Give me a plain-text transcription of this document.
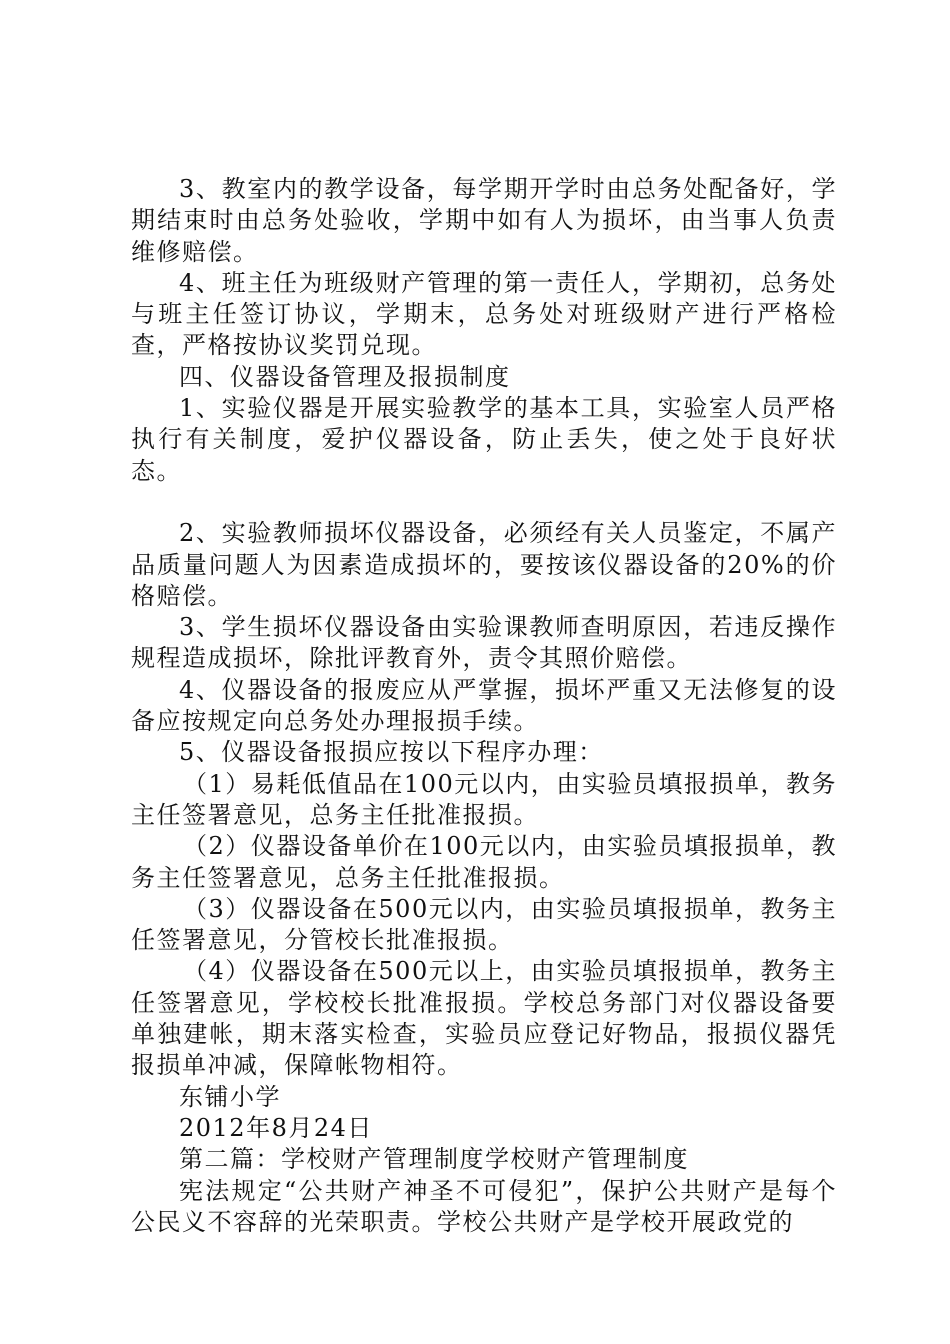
3、教室内的教学设备，每学期开学时由总务处配备好，学期结束时由总务处验收，学期中如有人为损坏，由当事人负责维修赔偿。

4、班主任为班级财产管理的第一责任人，学期初，总务处与班主任签订协议，学期末，总务处对班级财产进行严格检查，严格按协议奖罚兑现。

四、仪器设备管理及报损制度

1、实验仪器是开展实验教学的基本工具，实验室人员严格执行有关制度，爱护仪器设备，防止丢失，使之处于良好状态。

2、实验教师损坏仪器设备，必须经有关人员鉴定，不属产品质量问题人为因素造成损坏的，要按该仪器设备的20%的价格赔偿。

3、学生损坏仪器设备由实验课教师查明原因，若违反操作规程造成损坏，除批评教育外，责令其照价赔偿。

4、仪器设备的报废应从严掌握，损坏严重又无法修复的设备应按规定向总务处办理报损手续。

5、仪器设备报损应按以下程序办理：

（1）易耗低值品在100元以内，由实验员填报损单，教务主任签署意见，总务主任批准报损。

（2）仪器设备单价在100元以内，由实验员填报损单，教务主任签署意见，总务主任批准报损。

（3）仪器设备在500元以内，由实验员填报损单，教务主任签署意见，分管校长批准报损。

（4）仪器设备在500元以上，由实验员填报损单，教务主任签署意见，学校校长批准报损。学校总务部门对仪器设备要单独建帐，期末落实检查，实验员应登记好物品，报损仪器凭报损单冲减，保障帐物相符。

东铺小学

2012年8月24日

第二篇：学校财产管理制度学校财产管理制度

宪法规定“公共财产神圣不可侵犯”，保护公共财产是每个公民义不容辞的光荣职责。学校公共财产是学校开展政党的
